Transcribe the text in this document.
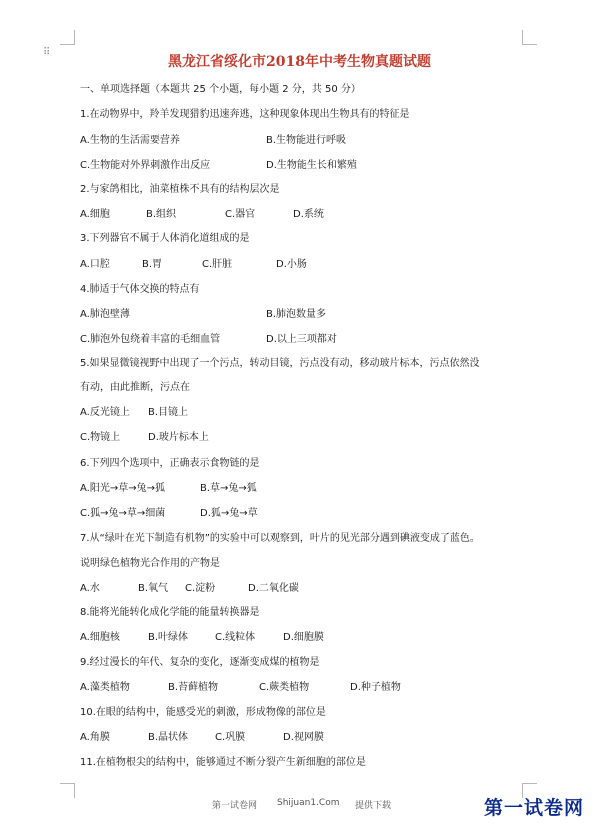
⠿
黑龙江省绥化市2018年中考生物真题试题
一、单项选择题（本题共 25 个小题，每小题 2 分，共 50 分）
1.在动物界中，羚羊发现猎豹迅速奔逃，这种现象体现出生物具有的特征是
A.生物的生活需要营养	B.生物能进行呼吸
C.生物能对外界刺激作出反应	D.生物能生长和繁殖
2.与家鸽相比，油菜植株不具有的结构层次是
A.细胞	B.组织	C.器官	D.系统
3.下列器官不属于人体消化道组成的是
A.口腔	B.胃	C.肝脏	D.小肠
4.肺适于气体交换的特点有
A.肺泡壁薄	B.肺泡数量多
C.肺泡外包绕着丰富的毛细血管	D.以上三项都对
5.如果显微镜视野中出现了一个污点，转动目镜，污点没有动，移动玻片标本，污点依然没
有动，由此推断，污点在
A.反光镜上 B.目镜上
C.物镜上	D.玻片标本上
6.下列四个选项中，正确表示食物链的是
A.阳光→草→兔→狐	B.草→兔→狐
C.狐→兔→草→细菌	D.狐→兔→草
7.从“绿叶在光下制造有机物”的实验中可以观察到，叶片的见光部分遇到碘液变成了蓝色。
说明绿色植物光合作用的产物是
A.水	B.氧气 C.淀粉	D.二氧化碳
8.能将光能转化成化学能的能量转换器是
A.细胞核	B.叶绿体	C.线粒体	D.细胞膜
9.经过漫长的年代、复杂的变化，逐渐变成煤的植物是
A.藻类植物	B.苔藓植物	C.蕨类植物	D.种子植物
10.在眼的结构中，能感受光的刺激，形成物像的部位是
A.角膜	B.晶状体	C.巩膜	D.视网膜
11.在植物根尖的结构中，能够通过不断分裂产生新细胞的部位是
第一试卷网 Shijuan1.Com 提供下载	第一试卷网
